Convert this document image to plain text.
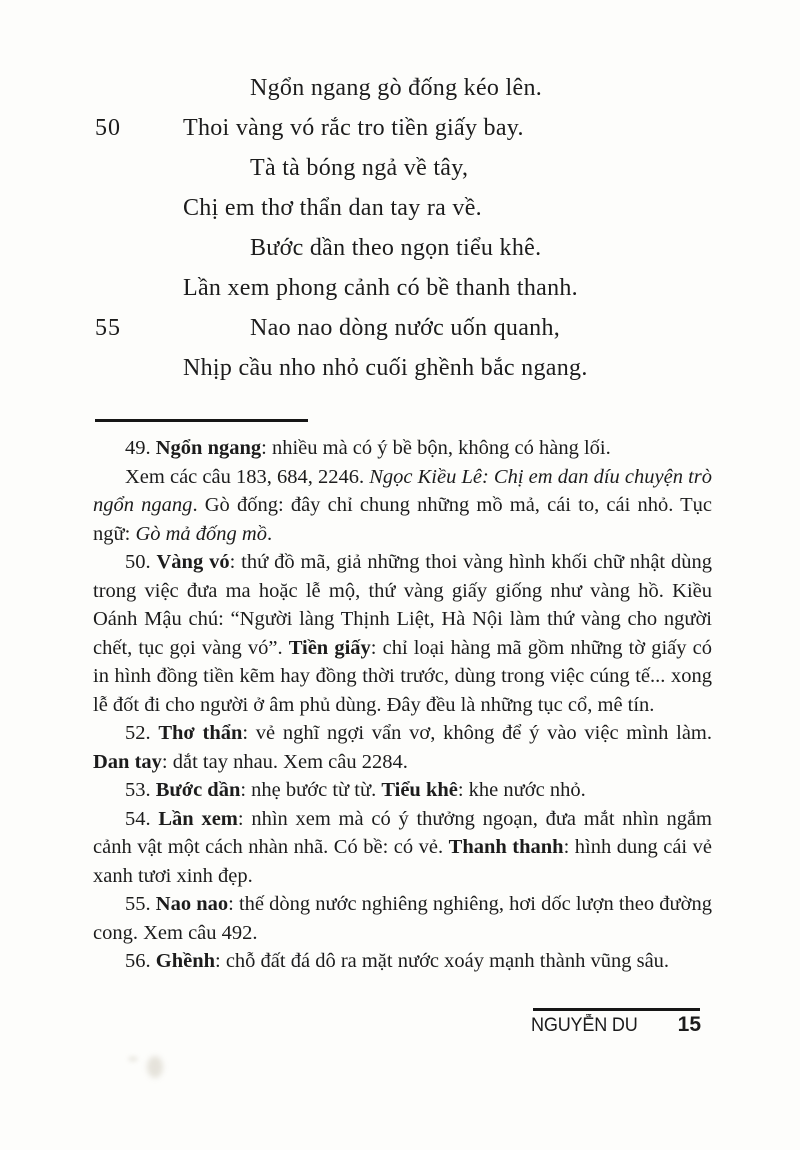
Ngổn ngang gò đống kéo lên.
50	Thoi vàng vó rắc tro tiền giấy bay.
Tà tà bóng ngả về tây,
Chị em thơ thẩn dan tay ra về.
Bước dần theo ngọn tiểu khê.
Lần xem phong cảnh có bề thanh thanh.
55	Nao nao dòng nước uốn quanh,
Nhịp cầu nho nhỏ cuối ghềnh bắc ngang.

49. Ngổn ngang: nhiều mà có ý bề bộn, không có hàng lối.

Xem các câu 183, 684, 2246. Ngọc Kiều Lê: Chị em dan díu chuyện trò ngổn ngang. Gò đống: đây chỉ chung những mồ mả, cái to, cái nhỏ. Tục ngữ: Gò mả đống mồ.

50. Vàng vó: thứ đồ mã, giả những thoi vàng hình khối chữ nhật dùng trong việc đưa ma hoặc lễ mộ, thứ vàng giấy giống như vàng hồ. Kiều Oánh Mậu chú: “Người làng Thịnh Liệt, Hà Nội làm thứ vàng cho người chết, tục gọi vàng vó”. Tiền giấy: chỉ loại hàng mã gồm những tờ giấy có in hình đồng tiền kẽm hay đồng thời trước, dùng trong việc cúng tế... xong lễ đốt đi cho người ở âm phủ dùng. Đây đều là những tục cổ, mê tín.

52. Thơ thẩn: vẻ nghĩ ngợi vẩn vơ, không để ý vào việc mình làm. Dan tay: dắt tay nhau. Xem câu 2284.

53. Bước dần: nhẹ bước từ từ. Tiểu khê: khe nước nhỏ.

54. Lần xem: nhìn xem mà có ý thưởng ngoạn, đưa mắt nhìn ngắm cảnh vật một cách nhàn nhã. Có bề: có vẻ. Thanh thanh: hình dung cái vẻ xanh tươi xinh đẹp.

55. Nao nao: thế dòng nước nghiêng nghiêng, hơi dốc lượn theo đường cong. Xem câu 492.

56. Ghềnh: chỗ đất đá dô ra mặt nước xoáy mạnh thành vũng sâu.

NGUYỄN DU 15
